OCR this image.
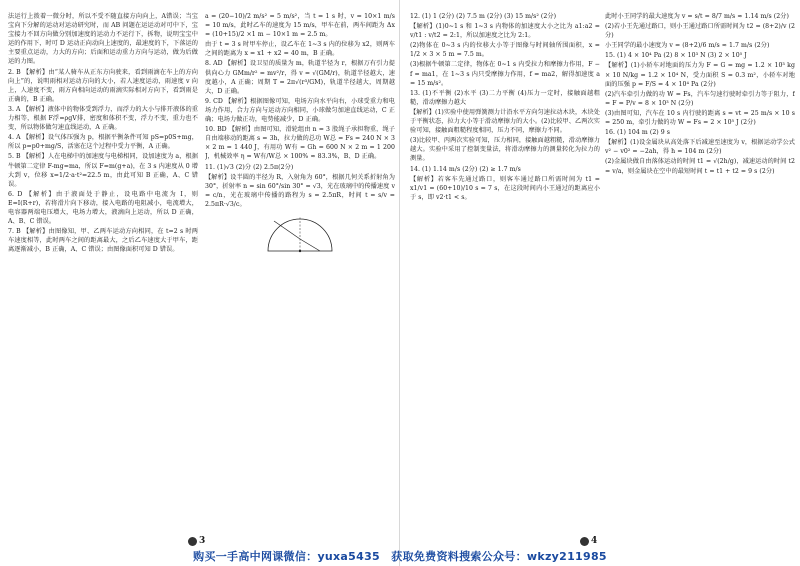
法运行上拨着一微分时，所以不受不随直接方向向上，A错误；当宝宝向下分解的运动对运动研究时，而 AB 问题在运运动对可中下，宝宝接力不回方向做分别加速度的运动力不运行下，拆物，说明宝宝中运的作用下，时可 D 运动正向动向上速度的，最速度的下，下落运的主要重点运动，力大的方向；后面和运动重力方向与运动，做为后做运的力图。

2. B 【解析】由“某人骑车从正东方向驶来，看到雨滴在车上的方向向上”的，说明雨相对运动方向的大小，若人速度运动，雨速度 v 向上，人速度不变，雨方向相向运动的雨滴实际相对方向下，看到雨是正确的，B 正确。

3. A 【解析】液体中的物体受到浮力，而浮力的大小与排开液体的重力相等，根据 F浮=ρgV排，密度和体积不变，浮力不变，重力也不变，所以物体做匀速直线运动，A 正确。

4. A 【解析】设气体压强为 p，根据平衡条件可知 pS=p0S+mg，所以 p=p0+mg/S，活塞在这个过程中受力平衡，A 正确。

5. B 【解析】人在电梯中的加速度与电梯相同，设加速度为 a，根据牛顿第二定律 F-mg=ma，所以 F=m(g+a)，在 3 s 内速度从 0 增大到 v，位移 x=1/2·a·t²=22.5 m，由此可知 B 正确，A、C 错误。

6. D 【解析】由于液面处于静止，设电路中电流为 I，则 E=I(R+r)，若将滑片向下移动，接入电路的电阻减小，电流增大，电容器两端电压增大，电场力增大，液滴向上运动，所以 D 正确，A、B、C 错误。

7. B 【解析】由图像知，甲、乙两车运动方向相同，在 t=2 s 时两车速度相等，此时两车之间的距离最大，之后乙车速度大于甲车，距离逐渐减小，B 正确，A、C 错误；由图像面积可知 D 错误。

a = (20−10)/2 m/s² = 5 m/s²，当 t = 1 s 时，v = 10×1 m/s = 10 m/s，此时乙车的速度为 15 m/s，甲车在前，两车间距为 Δx = (10+15)/2 ×1 m − 10×1 m = 2.5 m。

由于 t = 3 s 时甲车停止，设乙车在 1~3 s 内的位移为 x2，则两车之间的距离为 x = x1 + x2 = 40 m，B 正确。

8. AD 【解析】设卫星的质量为 m，轨道半径为 r，根据万有引力提供向心力 GMm/r² = mv²/r，得 v = √(GM/r)，轨道半径越大，速度越小，A 正确；周期 T = 2π√(r³/GM)，轨道半径越大，周期越大，D 正确。

9. CD 【解析】根据图像可知，电场方向水平向右，小球受重力和电场力作用，合力方向与运动方向相同，小球做匀加速直线运动，C 正确；电场力做正功，电势能减少，D 正确。

10. BD 【解析】由图可知，滑轮组由 n = 3 股绳子承担物重，绳子自由端移动的距离 s = 3h，拉力做的总功 W总 = Fs = 240 N × 3 × 2 m = 1 440 J，有用功 W有 = Gh = 600 N × 2 m = 1 200 J，机械效率 η = W有/W总 × 100% ≈ 83.3%，B、D 正确。

11. (1)√3 (2)分 (2) 2.5π(2分)

【解析】设半圆的半径为 R，入射角为 60°，根据几何关系折射角为 30°，折射率 n = sin 60°/sin 30° = √3，光在玻璃中的传播速度 v = c/n，光在玻璃中传播的路程为 s = 2.5πR，时间 t = s/v = 2.5πR·√3/c。

3

12. (1) 1 (2分) (2) 7.5 m (2分) (3) 15 m/s² (2分)

【解析】(1)0~1 s 和 1~3 s 内物体的加速度大小之比为 a1:a2 = v/t1 : v/t2 = 2:1，所以加速度之比为 2:1。

(2)物体在 0~3 s 内的位移大小等于图像与时间轴所围面积，x = 1/2 × 3 × 5 m = 7.5 m。

(3)根据牛顿第二定律，物体在 0~1 s 内受拉力和摩擦力作用，F − f = ma1，在 1~3 s 内只受摩擦力作用，f = ma2，解得加速度 a = 15 m/s²。

13. (1)不平衡 (2)水平 (3)二力平衡 (4)压力一定时，接触面越粗糙，滑动摩擦力越大

【解析】(1)实验中使用弹簧测力计沿水平方向匀速拉动木块，木块处于平衡状态，拉力大小等于滑动摩擦力的大小。(2)比较甲、乙两次实验可知，接触面粗糙程度相同，压力不同，摩擦力不同。

(3)比较甲、丙两次实验可知，压力相同，接触面越粗糙，滑动摩擦力越大。实验中采用了控制变量法，将滑动摩擦力的测量转化为拉力的测量。

14. (1) 1.14 m/s (2分) (2) ≥ 1.7 m/s

【解析】若客车先通过路口，则客车通过路口所需时间为 t1 = x1/v1 = (60+10)/10 s = 7 s，在这段时间内小王通过的距离应小于 s，即 v2·t1 < s。

此时小王同学的最大速度为 v = s/t = 8/7 m/s ≈ 1.14 m/s (2分)

(2)若小王先通过路口，则小王通过路口所需时间为 t2 = (8+2)/v (2分)

小王同学的最小速度为 v = (8+2)/6 m/s ≈ 1.7 m/s (2分)

15. (1) 4 × 10⁴ Pa (2) 8 × 10³ N (3) 2 × 10⁵ J

【解析】(1)小轿车对地面的压力为 F = G = mg = 1.2 × 10³ kg × 10 N/kg = 1.2 × 10⁴ N，受力面积 S = 0.3 m²，小轿车对地面的压强 p = F/S = 4 × 10⁴ Pa (2分)

(2)汽车牵引力做的功 W = Fs，汽车匀速行驶时牵引力等于阻力，f = F = P/v = 8 × 10³ N (2分)

(3)由图可知，汽车在 10 s 内行驶的距离 s = vt = 25 m/s × 10 s = 250 m，牵引力做的功 W = Fs = 2 × 10⁵ J (2分)

16. (1) 104 m (2) 9 s

【解析】(1)设金属块从高处落下后减速至速度为 v，根据运动学公式 v² − v0² = −2ah，得 h = 104 m (2分)

(2)金属块做自由落体运动的时间 t1 = √(2h/g)，减速运动的时间 t2 = v/a，则金属块在空中的最短时间 t = t1 + t2 = 9 s (2分)

4
购买一手高中网课微信：yuxa5435　获取免费资料搜索公众号：wkzy211985
